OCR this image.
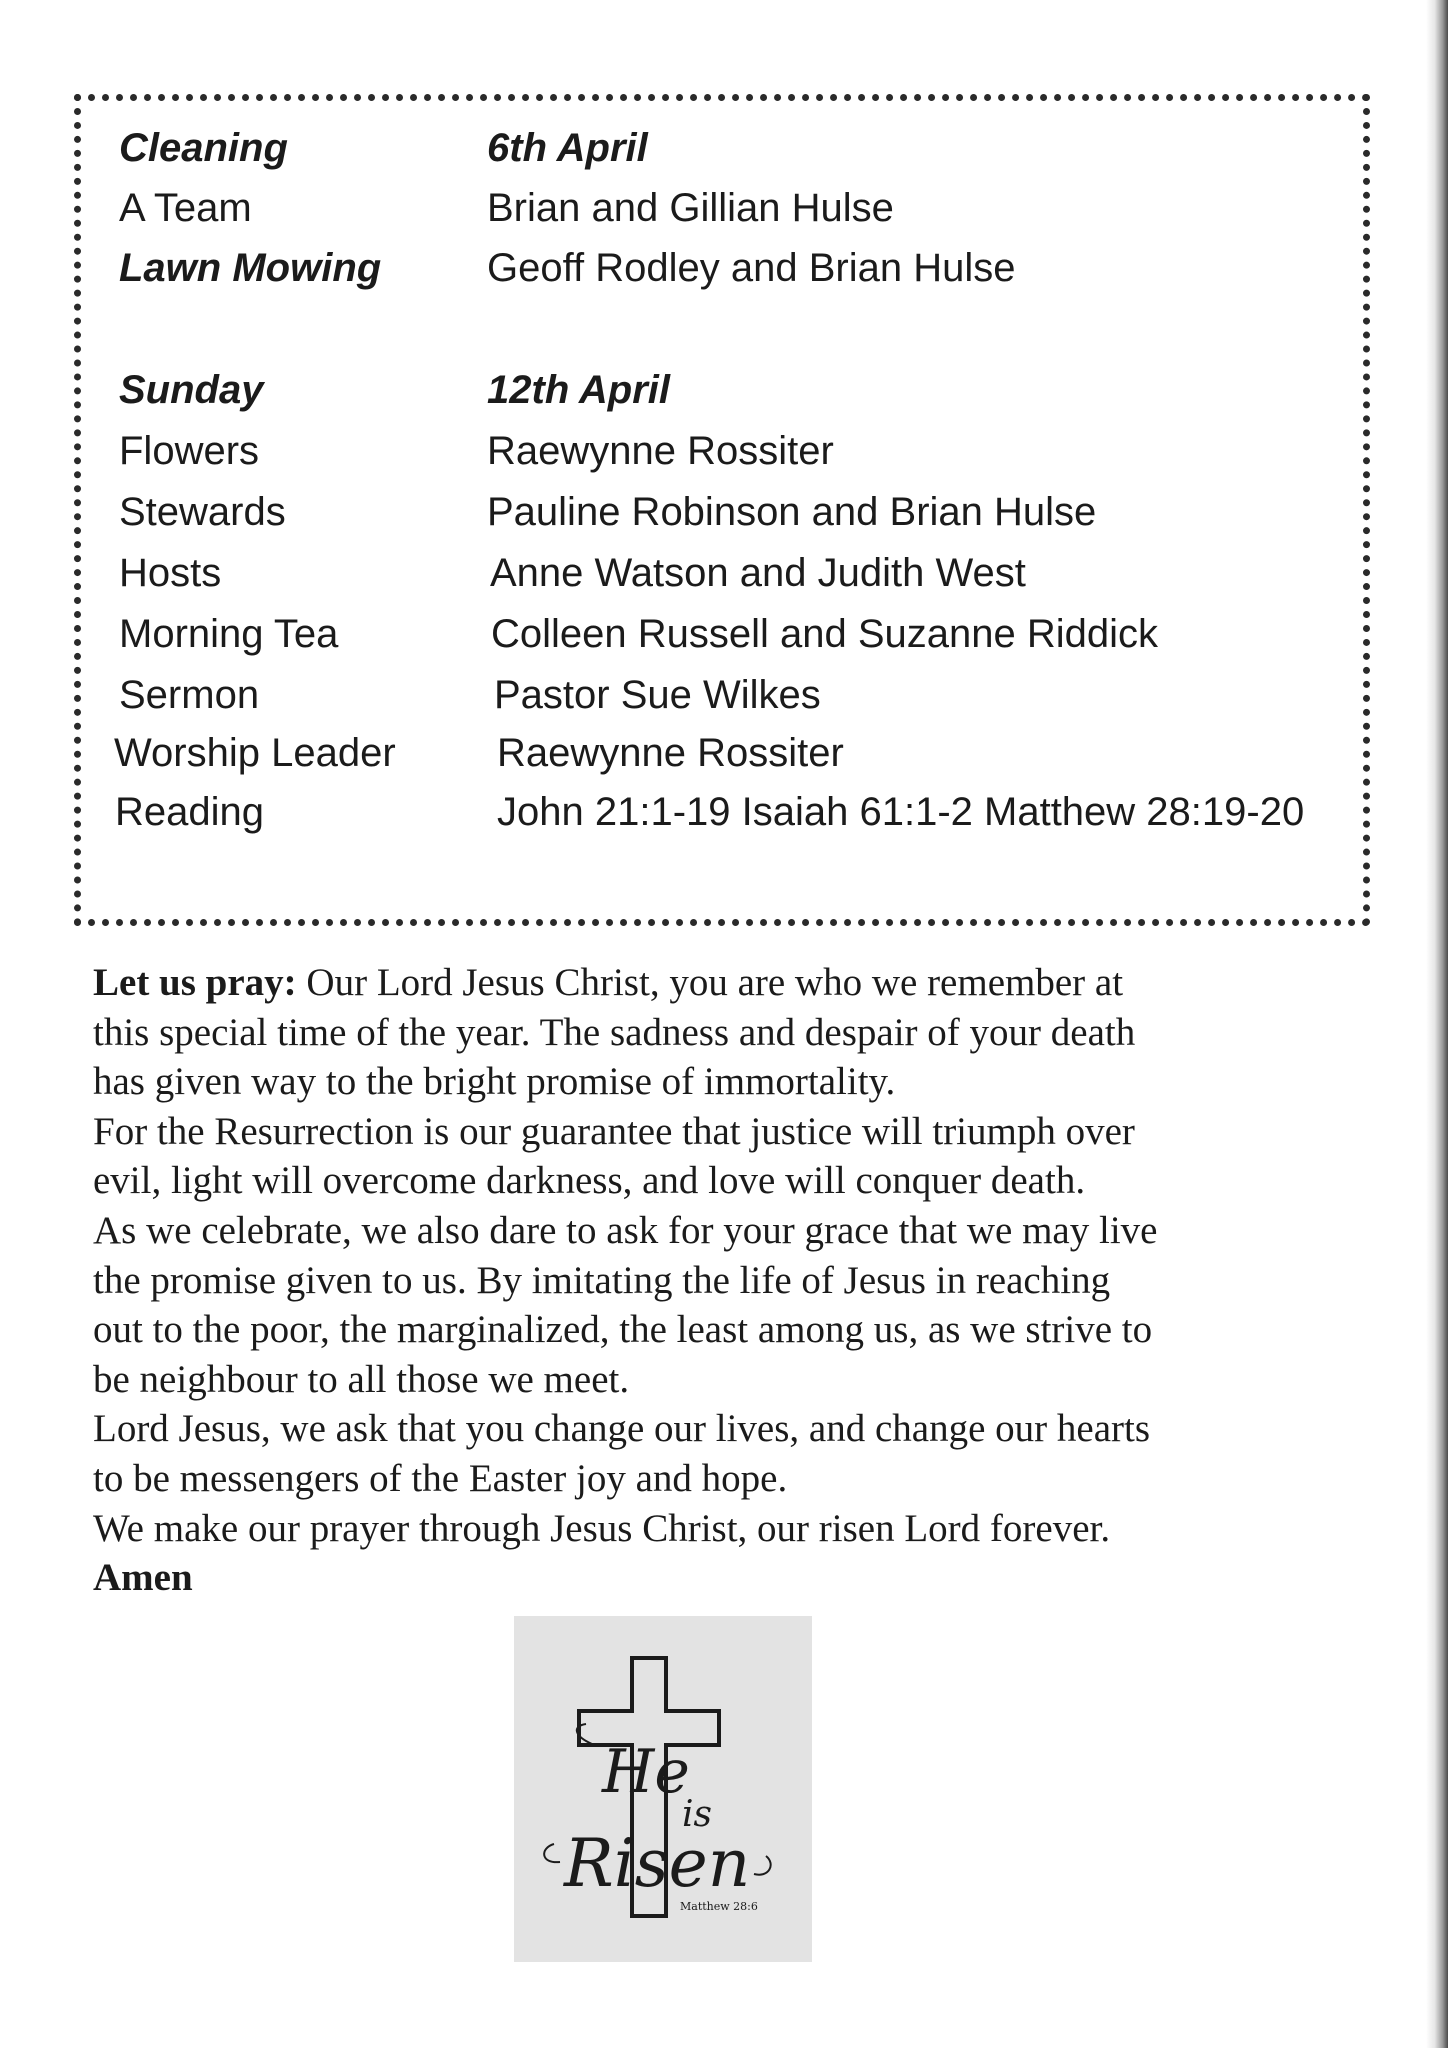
Cleaning	6th April
A Team	Brian and Gillian Hulse
Lawn Mowing	Geoff Rodley and Brian Hulse
Sunday	12th April
Flowers	Raewynne Rossiter
Stewards	Pauline Robinson and Brian Hulse
Hosts	Anne Watson and Judith West
Morning Tea	Colleen Russell and Suzanne Riddick
Sermon	Pastor Sue Wilkes
Worship Leader	Raewynne Rossiter
Reading	John 21:1-19 Isaiah 61:1-2 Matthew 28:19-20

Let us pray: Our Lord Jesus Christ, you are who we remember at

this special time of the year. The sadness and despair of your death

has given way to the bright promise of immortality.

For the Resurrection is our guarantee that justice will triumph over

evil, light will overcome darkness, and love will conquer death.

As we celebrate, we also dare to ask for your grace that we may live

the promise given to us. By imitating the life of Jesus in reaching

out to the poor, the marginalized, the least among us, as we strive to

be neighbour to all those we meet.

Lord Jesus, we ask that you change our lives, and change our hearts

to be messengers of the Easter joy and hope.

We make our prayer through Jesus Christ, our risen Lord forever.

Amen

He
is
Risen
Matthew 28:6
